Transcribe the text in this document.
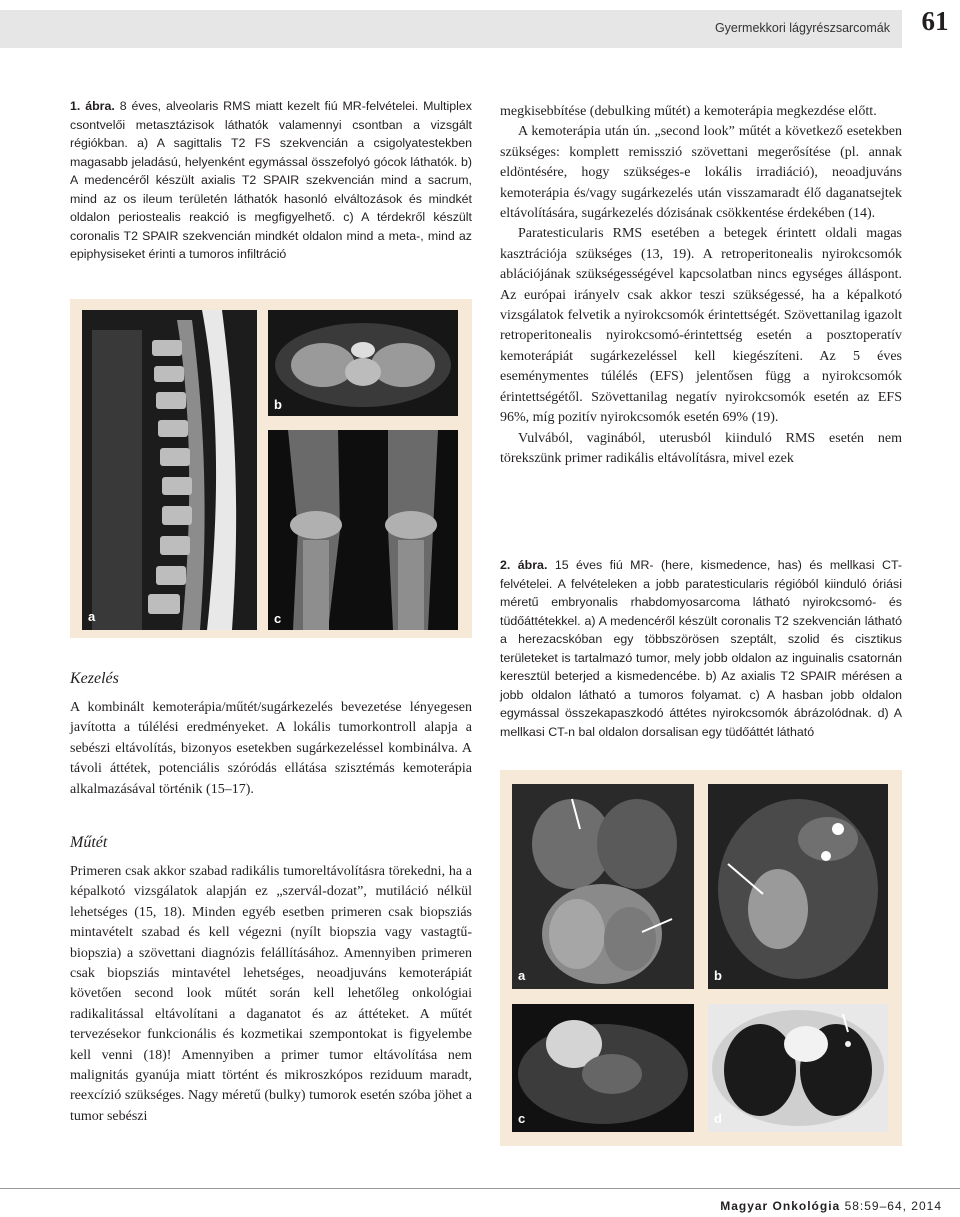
Gyermekkori lágyrészsarcomák	61
1. ábra. 8 éves, alveolaris RMS miatt kezelt fiú MR-felvételei. Multiplex csontvelői metasztázisok láthatók valamennyi csontban a vizsgált régiókban. a) A sagittalis T2 FS szekvencián a csigolyatestekben magasabb jeladású, helyenként egymással összefolyó gócok láthatók. b) A medencéről készült axialis T2 SPAIR szekvencián mind a sacrum, mind az os ileum területén láthatók hasonló elváltozások és mindkét oldalon periostealis reakció is megfigyelhető. c) A térdekről készült coronalis T2 SPAIR szekvencián mindkét oldalon mind a meta-, mind az epiphysiseket érinti a tumoros infiltráció
a
b
c
Kezelés

A kombinált kemoterápia/műtét/sugárkezelés bevezetése lényegesen javította a túlélési eredményeket. A lokális tumorkontroll alapja a sebészi eltávolítás, bizonyos esetekben sugárkezeléssel kombinálva. A távoli áttétek, potenciális szóródás ellátása szisztémás kemoterápia alkalmazásával történik (15–17).

Műtét

Primeren csak akkor szabad radikális tumoreltávolításra törekedni, ha a képalkotó vizsgálatok alapján ez „szervál-dozat”, mutiláció nélkül lehetséges (15, 18). Minden egyéb esetben primeren csak biopsziás mintavételt szabad és kell végezni (nyílt biopszia vagy vastagtű-biopszia) a szövettani diagnózis felállításához. Amennyiben primeren csak biopsziás mintavétel lehetséges, neoadjuváns kemoterápiát követően second look műtét során kell lehetőleg onkológiai radikalitással eltávolítani a daganatot és az áttéteket. A műtét tervezésekor funkcionális és kozmetikai szempontokat is figyelembe kell venni (18)! Amennyiben a primer tumor eltávolítása nem malignitás gyanúja miatt történt és mikroszkópos reziduum maradt, reexcízió szükséges. Nagy méretű (bulky) tumorok esetén szóba jöhet a tumor sebészi

megkisebbítése (debulking műtét) a kemoterápia megkezdése előtt.

A kemoterápia után ún. „second look” műtét a következő esetekben szükséges: komplett remisszió szövettani megerősítése (pl. annak eldöntésére, hogy szükséges-e lokális irradiáció), neoadjuváns kemoterápia és/vagy sugárkezelés után visszamaradt élő daganatsejtek eltávolítására, sugárkezelés dózisának csökkentése érdekében (14).

Paratesticularis RMS esetében a betegek érintett oldali magas kasztrációja szükséges (13, 19). A retroperitonealis nyirokcsomók ablációjának szükségességével kapcsolatban nincs egységes álláspont. Az európai irányelv csak akkor teszi szükségessé, ha a képalkotó vizsgálatok felvetik a nyirokcsomók érintettségét. Szövettanilag igazolt retroperitonealis nyirokcsomó-érintettség esetén a posztoperatív kemoterápiát sugárkezeléssel kell kiegészíteni. Az 5 éves eseménymentes túlélés (EFS) jelentősen függ a nyirokcsomók érintettségétől. Szövettanilag negatív nyirokcsomók esetén az EFS 96%, míg pozitív nyirokcsomók esetén 69% (19).

Vulvából, vaginából, uterusból kiinduló RMS esetén nem törekszünk primer radikális eltávolításra, mivel ezek

2. ábra. 15 éves fiú MR- (here, kismedence, has) és mellkasi CT-felvételei. A felvételeken a jobb paratesticularis régióból kiinduló óriási méretű embryonalis rhabdomyosarcoma látható nyirokcsomó- és tüdőáttétekkel. a) A medencéről készült coronalis T2 szekvencián látható a herezacskóban egy többszörösen szeptált, szolid és cisztikus területeket is tartalmazó tumor, mely jobb oldalon az inguinalis csatornán keresztül beterjed a kismedencébe. b) Az axialis T2 SPAIR mérésen a jobb oldalon látható a tumoros folyamat. c) A hasban jobb oldalon egymással összekapaszkodó áttétes nyirokcsomók ábrázolódnak. d) A mellkasi CT-n bal oldalon dorsalisan egy tüdőáttét látható
a	b
c	d
Magyar Onkológia 58:59–64, 2014
